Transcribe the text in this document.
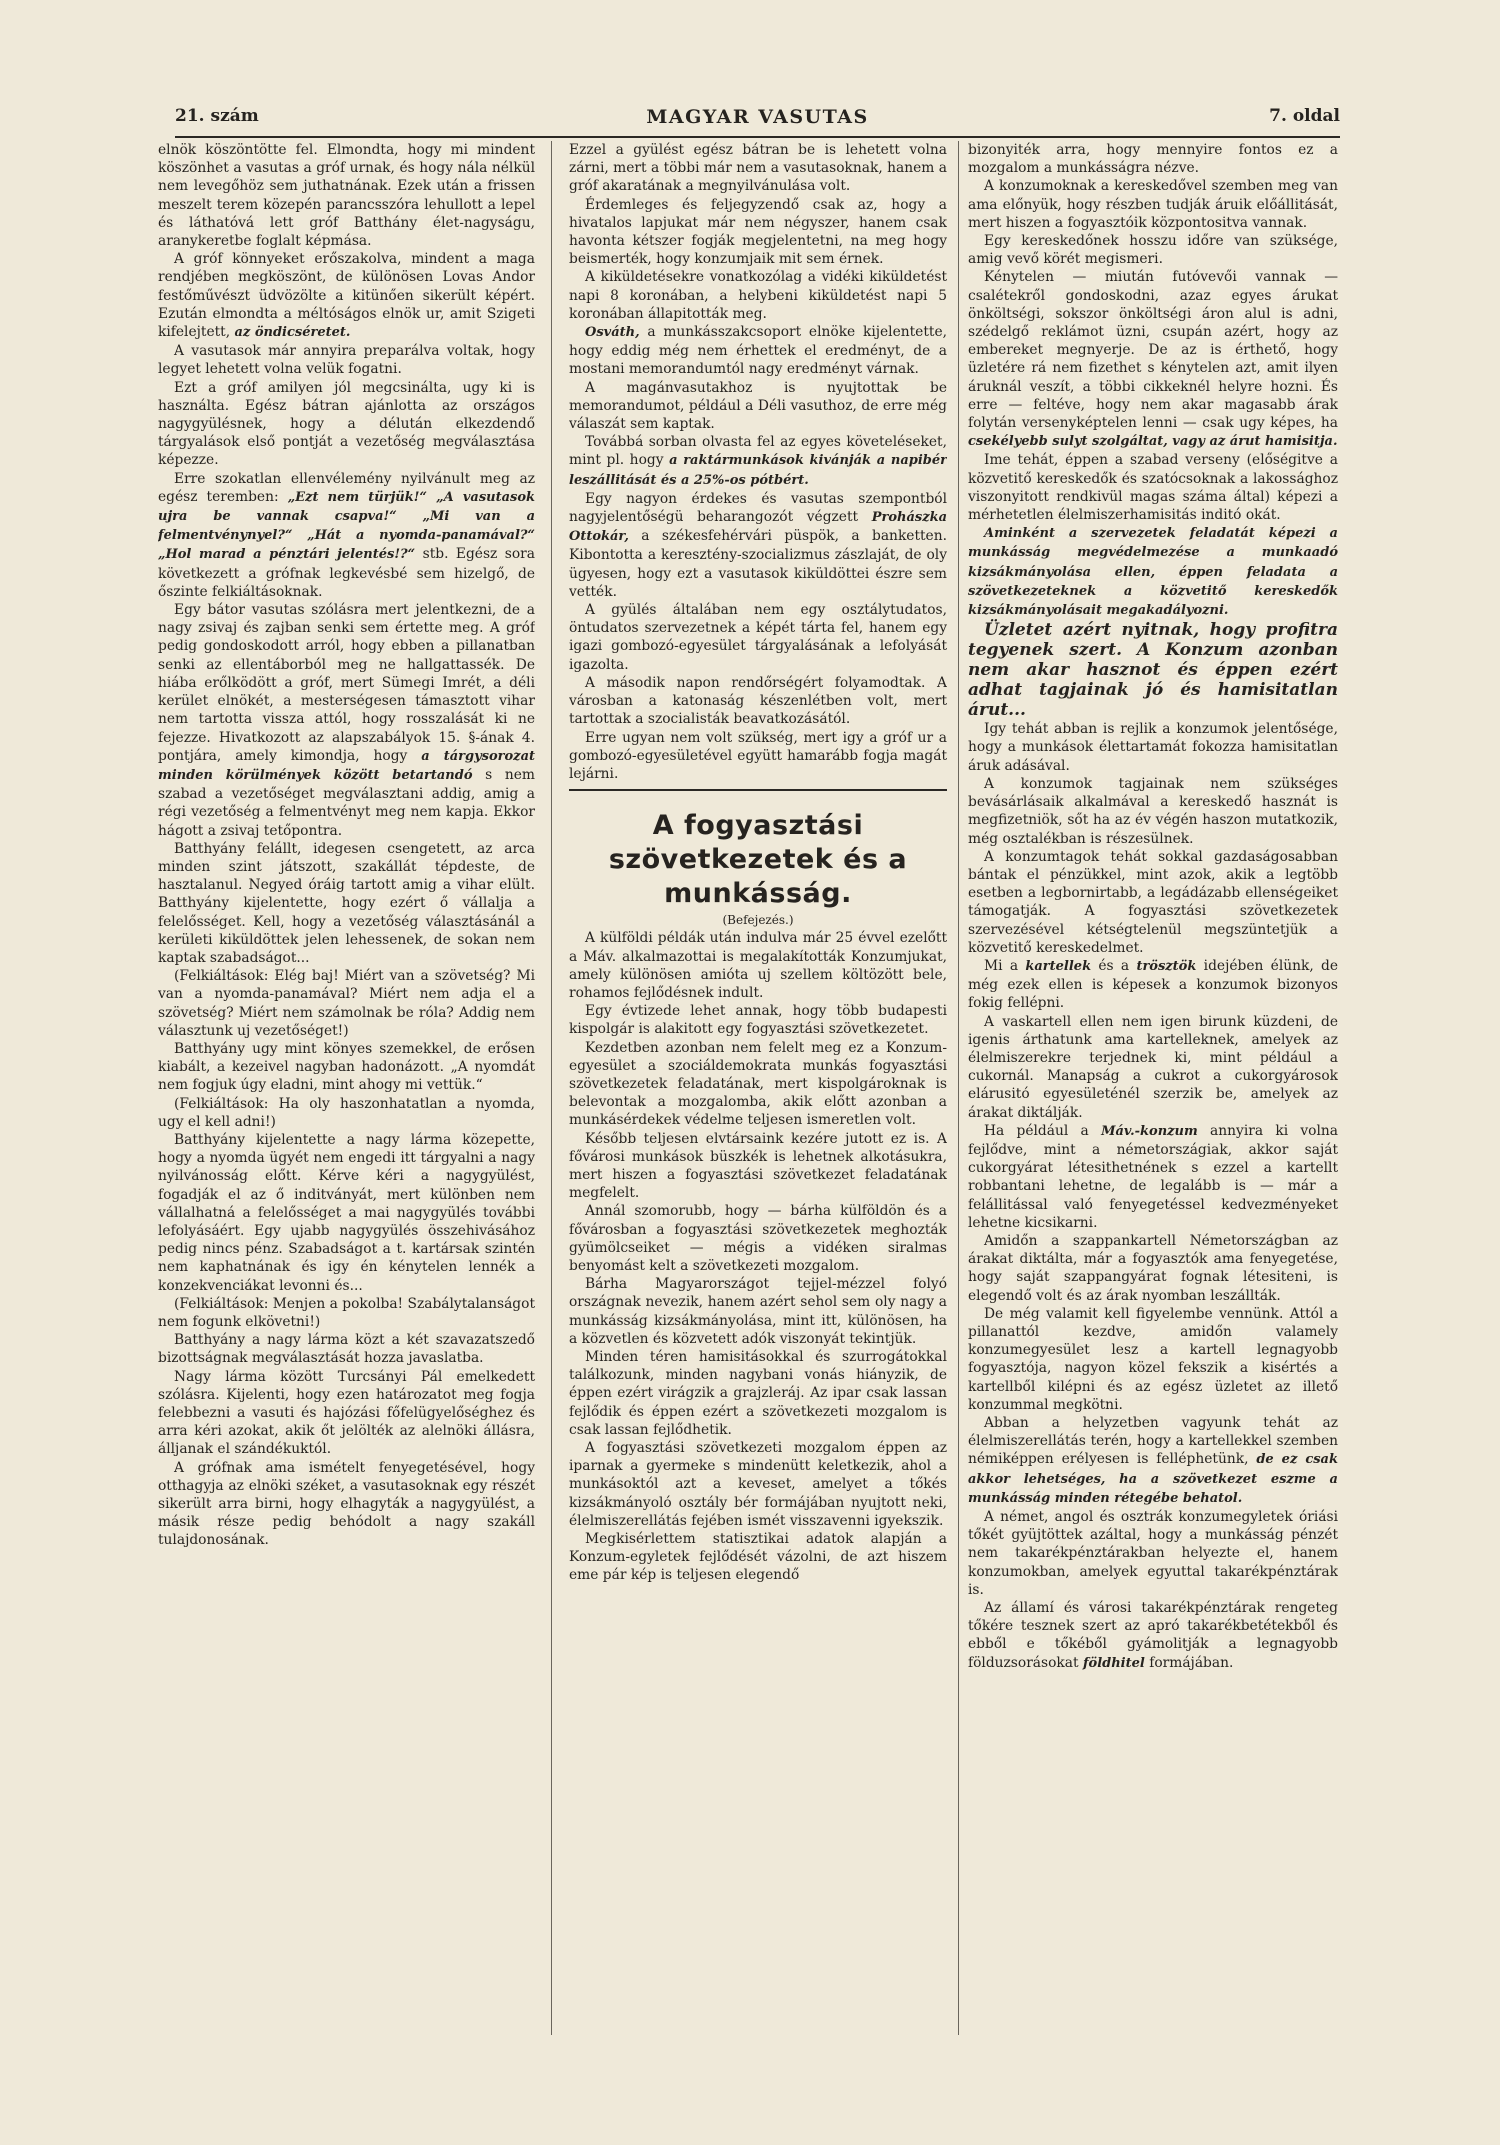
21. szám	MAGYAR VASUTAS	7. oldal

elnök köszöntötte fel. Elmondta, hogy mi mindent köszönhet a vasutas a gróf urnak, és hogy nála nélkül nem levegőhöz sem juthatnának. Ezek után a frissen meszelt terem közepén parancsszóra lehullott a lepel és láthatóvá lett gróf Batthány élet-nagyságu, aranykeretbe foglalt képmása.

A gróf könnyeket erőszakolva, mindent a maga rendjében megköszönt, de különösen Lovas Andor festőművészt üdvözölte a kitünően sikerült képért. Ezután elmondta a méltóságos elnök ur, amit Szigeti kifelejtett, az öndicséretet.

A vasutasok már annyira preparálva voltak, hogy legyet lehetett volna velük fogatni.

Ezt a gróf amilyen jól megcsinálta, ugy ki is használta. Egész bátran ajánlotta az országos nagygyülésnek, hogy a délután elkezdendő tárgyalások első pontját a vezetőség megválasztása képezze.

Erre szokatlan ellenvélemény nyilvánult meg az egész teremben: „Ezt nem türjük!“ „A vasutasok ujra be vannak csapva!“ „Mi van a felmentvénynyel?“ „Hát a nyomda-panamával?“ „Hol marad a pénztári jelentés!?“ stb. Egész sora következett a grófnak legkevésbé sem hizelgő, de őszinte felkiáltásoknak.

Egy bátor vasutas szólásra mert jelentkezni, de a nagy zsivaj és zajban senki sem értette meg. A gróf pedig gondoskodott arról, hogy ebben a pillanatban senki az ellentáborból meg ne hallgattassék. De hiába erőlködött a gróf, mert Sümegi Imrét, a déli kerület elnökét, a mesterségesen támasztott vihar nem tartotta vissza attól, hogy rosszalását ki ne fejezze. Hivatkozott az alapszabályok 15. §-ának 4. pontjára, amely kimondja, hogy a tárgysorozat minden körülmények között betartandó s nem szabad a vezetőséget megválasztani addig, amig a régi vezetőség a felmentvényt meg nem kapja. Ekkor hágott a zsivaj tetőpontra.

Batthyány felállt, idegesen csengetett, az arca minden szint játszott, szakállát tépdeste, de hasztalanul. Negyed óráig tartott amig a vihar elült. Batthyány kijelentette, hogy ezért ő vállalja a felelősséget. Kell, hogy a vezetőség választásánál a kerületi kiküldöttek jelen lehessenek, de sokan nem kaptak szabadságot...

(Felkiáltások: Elég baj! Miért van a szövetség? Mi van a nyomda-panamával? Miért nem adja el a szövetség? Miért nem számolnak be róla? Addig nem választunk uj vezetőséget!)

Batthyány ugy mint könyes szemekkel, de erősen kiabált, a kezeivel nagyban hadonázott. „A nyomdát nem fogjuk úgy eladni, mint ahogy mi vettük.“

(Felkiáltások: Ha oly haszonhatatlan a nyomda, ugy el kell adni!)

Batthyány kijelentette a nagy lárma közepette, hogy a nyomda ügyét nem engedi itt tárgyalni a nagy nyilvánosság előtt. Kérve kéri a nagygyülést, fogadják el az ő inditványát, mert különben nem vállalhatná a felelősséget a mai nagygyülés további lefolyásáért. Egy ujabb nagygyülés összehivásához pedig nincs pénz. Szabadságot a t. kartársak szintén nem kaphatnának és igy én kénytelen lennék a konzekvenciákat levonni és...

(Felkiáltások: Menjen a pokolba! Szabálytalanságot nem fogunk elkövetni!)

Batthyány a nagy lárma közt a két szavazatszedő bizottságnak megválasztását hozza javaslatba.

Nagy lárma között Turcsányi Pál emelkedett szólásra. Kijelenti, hogy ezen határozatot meg fogja felebbezni a vasuti és hajózási főfelügyelőséghez és arra kéri azokat, akik őt jelölték az alelnöki állásra, álljanak el szándékuktól.

A grófnak ama ismételt fenyegetésével, hogy otthagyja az elnöki széket, a vasutasoknak egy részét sikerült arra birni, hogy elhagyták a nagygyülést, a másik része pedig behódolt a nagy szakáll tulajdonosának.

Ezzel a gyülést egész bátran be is lehetett volna zárni, mert a többi már nem a vasutasoknak, hanem a gróf akaratának a megnyilvánulása volt.

Érdemleges és feljegyzendő csak az, hogy a hivatalos lapjukat már nem négyszer, hanem csak havonta kétszer fogják megjelentetni, na meg hogy beismerték, hogy konzumjaik mit sem érnek.

A kiküldetésekre vonatkozólag a vidéki kiküldetést napi 8 koronában, a helybeni kiküldetést napi 5 koronában állapitották meg.

Osváth, a munkásszakcsoport elnöke kijelentette, hogy eddig még nem érhettek el eredményt, de a mostani memorandumtól nagy eredményt várnak.

A magánvasutakhoz is nyujtottak be memorandumot, például a Déli vasuthoz, de erre még válaszát sem kaptak.

Továbbá sorban olvasta fel az egyes követeléseket, mint pl. hogy a raktármunkások kivánják a napibér leszállitását és a 25%-os pótbért.

Egy nagyon érdekes és vasutas szempontból nagyjelentőségü beharangozót végzett Prohászka Ottokár, a székesfehérvári püspök, a banketten. Kibontotta a keresztény-szocializmus zászlaját, de oly ügyesen, hogy ezt a vasutasok kiküldöttei észre sem vették.

A gyülés általában nem egy osztálytudatos, öntudatos szervezetnek a képét tárta fel, hanem egy igazi gombozó-egyesület tárgyalásának a lefolyását igazolta.

A második napon rendőrségért folyamodtak. A városban a katonaság készenlétben volt, mert tartottak a szocialisták beavatkozásától.

Erre ugyan nem volt szükség, mert igy a gróf ur a gombozó-egyesületével együtt hamarább fogja magát lejárni.

A fogyasztási szövetkezetek és a munkásság.

(Befejezés.)

A külföldi példák után indulva már 25 évvel ezelőtt a Máv. alkalmazottai is megalakították Konzumjukat, amely különösen amióta uj szellem költözött bele, rohamos fejlődésnek indult.

Egy évtizede lehet annak, hogy több budapesti kispolgár is alakitott egy fogyasztási szövetkezetet.

Kezdetben azonban nem felelt meg ez a Konzum-egyesület a szociáldemokrata munkás fogyasztási szövetkezetek feladatának, mert kispolgároknak is belevontak a mozgalomba, akik előtt azonban a munkásérdekek védelme teljesen ismeretlen volt.

Később teljesen elvtársaink kezére jutott ez is. A fővárosi munkások büszkék is lehetnek alkotásukra, mert hiszen a fogyasztási szövetkezet feladatának megfelelt.

Annál szomorubb, hogy — bárha külföldön és a fővárosban a fogyasztási szövetkezetek meghozták gyümölcseiket — mégis a vidéken siralmas benyomást kelt a szövetkezeti mozgalom.

Bárha Magyarországot tejjel-mézzel folyó országnak nevezik, hanem azért sehol sem oly nagy a munkásság kizsákmányolása, mint itt, különösen, ha a közvetlen és közvetett adók viszonyát tekintjük.

Minden téren hamisitásokkal és szurrogátokkal találkozunk, minden nagybani vonás hiányzik, de éppen ezért virágzik a grajzleráj. Az ipar csak lassan fejlődik és éppen ezért a szövetkezeti mozgalom is csak lassan fejlődhetik.

A fogyasztási szövetkezeti mozgalom éppen az iparnak a gyermeke s mindenütt keletkezik, ahol a munkásoktól azt a keveset, amelyet a tőkés kizsákmányoló osztály bér formájában nyujtott neki, élelmiszerellátás fejében ismét visszavenni igyekszik.

Megkisérlettem statisztikai adatok alapján a Konzum-egyletek fejlődését vázolni, de azt hiszem eme pár kép is teljesen elegendő

bizonyiték arra, hogy mennyire fontos ez a mozgalom a munkásságra nézve.

A konzumoknak a kereskedővel szemben meg van ama előnyük, hogy részben tudják áruik előállitását, mert hiszen a fogyasztóik központositva vannak.

Egy kereskedőnek hosszu időre van szüksége, amig vevő körét megismeri.

Kénytelen — miután futóvevői vannak — csalétekről gondoskodni, azaz egyes árukat önköltségi, sokszor önköltségi áron alul is adni, szédelgő reklámot üzni, csupán azért, hogy az embereket megnyerje. De az is érthető, hogy üzletére rá nem fizethet s kénytelen azt, amit ilyen áruknál veszít, a többi cikkeknél helyre hozni. És erre — feltéve, hogy nem akar magasabb árak folytán versenyképtelen lenni — csak ugy képes, ha csekélyebb sulyt szolgáltat, vagy az árut hamisitja.

Ime tehát, éppen a szabad verseny (előségitve a közvetitő kereskedők és szatócsoknak a lakossághoz viszonyitott rendkivül magas száma által) képezi a mérhetetlen élelmiszerhamisitás inditó okát.

Aminként a szervezetek feladatát képezi a munkásság megvédelmezése a munkaadó kizsákmányolása ellen, éppen feladata a szövetkezeteknek a közvetitő kereskedők kizsákmányolásait megakadályozni.

Üzletet azért nyitnak, hogy profitra tegyenek szert. A Konzum azonban nem akar hasznot és éppen ezért adhat tagjainak jó és hamisitatlan árut...

Igy tehát abban is rejlik a konzumok jelentősége, hogy a munkások élettartamát fokozza hamisitatlan áruk adásával.

A konzumok tagjainak nem szükséges bevásárlásaik alkalmával a kereskedő hasznát is megfizetniök, sőt ha az év végén haszon mutatkozik, még osztalékban is részesülnek.

A konzumtagok tehát sokkal gazdaságosabban bántak el pénzükkel, mint azok, akik a legtöbb esetben a legbornirtabb, a legádázabb ellenségeiket támogatják. A fogyasztási szövetkezetek szervezésével kétségtelenül megszüntetjük a közvetitő kereskedelmet.

Mi a kartellek és a trösztök idejében élünk, de még ezek ellen is képesek a konzumok bizonyos fokig fellépni.

A vaskartell ellen nem igen birunk küzdeni, de igenis árthatunk ama kartelleknek, amelyek az élelmiszerekre terjednek ki, mint például a cukornál. Manapság a cukrot a cukorgyárosok elárusitó egyesületénél szerzik be, amelyek az árakat diktálják.

Ha például a Máv.-konzum annyira ki volna fejlődve, mint a németországiak, akkor saját cukorgyárat létesithetnének s ezzel a kartellt robbantani lehetne, de legalább is — már a felállitással való fenyegetéssel kedvezményeket lehetne kicsikarni.

Amidőn a szappankartell Németországban az árakat diktálta, már a fogyasztók ama fenyegetése, hogy saját szappangyárat fognak létesiteni, is elegendő volt és az árak nyomban leszállták.

De még valamit kell figyelembe vennünk. Attól a pillanattól kezdve, amidőn valamely konzumegyesület lesz a kartell legnagyobb fogyasztója, nagyon közel fekszik a kisértés a kartellből kilépni és az egész üzletet az illető konzummal megkötni.

Abban a helyzetben vagyunk tehát az élelmiszerellátás terén, hogy a kartellekkel szemben némiképpen erélyesen is felléphetünk, de ez csak akkor lehetséges, ha a szövetkezet eszme a munkásság minden rétegébe behatol.

A német, angol és osztrák konzumegyletek óriási tőkét gyüjtöttek azáltal, hogy a munkásság pénzét nem takarékpénztárakban helyezte el, hanem konzumokban, amelyek egyuttal takarékpénztárak is.

Az államí és városi takarékpénztárak rengeteg tőkére tesznek szert az apró takarékbetétekből és ebből e tőkéből gyámolitják a legnagyobb földuzsorásokat földhitel formájában.
